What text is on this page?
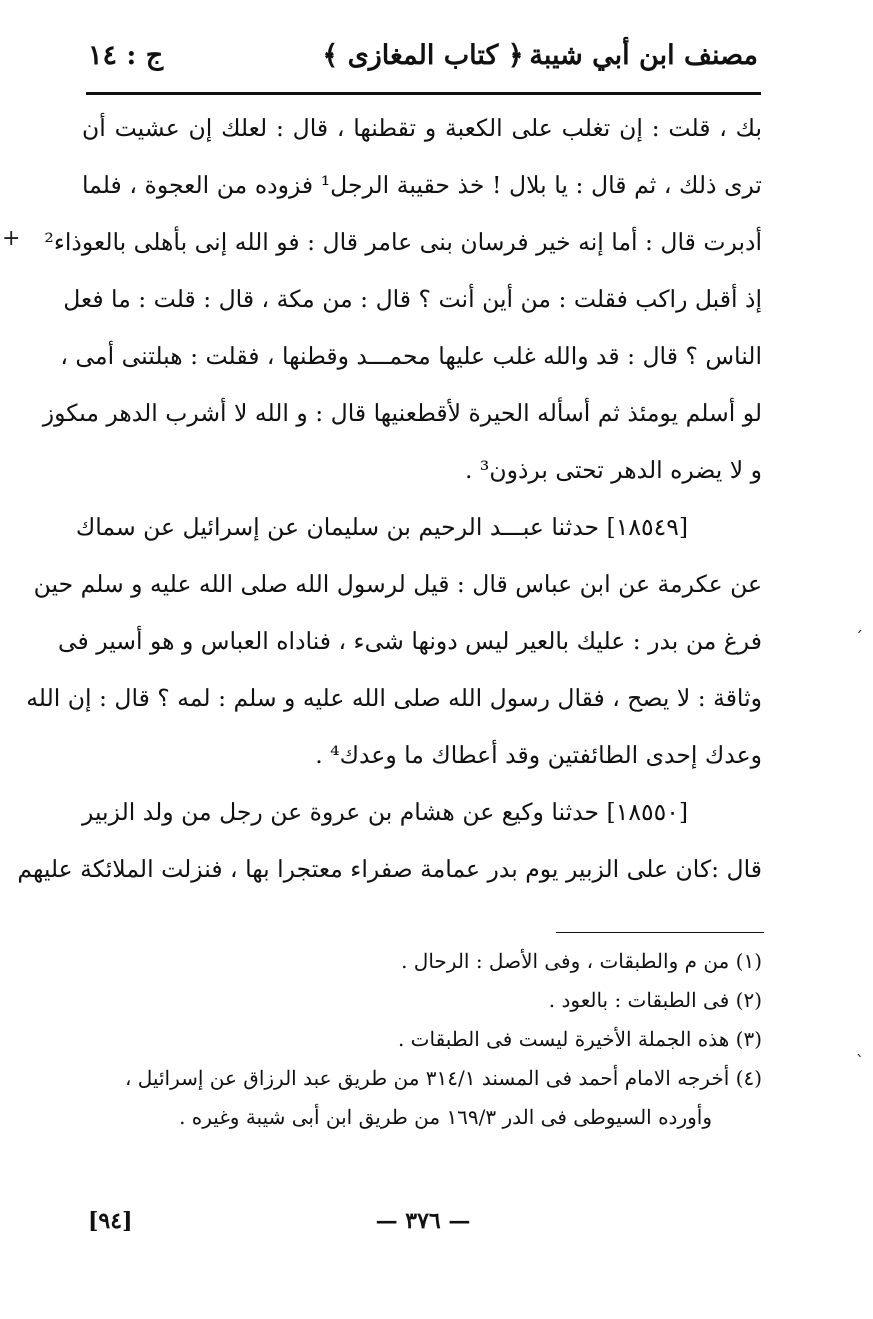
مصنف ابن أبي شيبة
﴿ كتاب المغازى ﴾
ج : ١٤
بك ، قلت : إن تغلب على الكعبة و تقطنها ، قال : لعلك إن عشيت أن
ترى ذلك ، ثم قال : يا بلال ! خذ حقيبة الرجل¹ فزوده من العجوة ، فلما
أدبرت قال : أما إنه خير فرسان بنى عامر قال : فو الله إنى بأهلى بالعوذاء²
إذ أقبل راكب فقلت : من أين أنت ؟ قال : من مكة ، قال : قلت : ما فعل
الناس ؟ قال : قد والله غلب عليها محمـــد وقطنها ، فقلت : هبلتنى أمى ،
لو أسلم يومئذ ثم أسأله الحيرة لأقطعنيها قال : و الله لا أشرب الدهر مىكوز
و لا يضره الدهر تحتى برذون³ .
[١٨٥٤٩] حدثنا عبـــد الرحيم بن سليمان عن إسرائيل عن سماك
عن عكرمة عن ابن عباس قال : قيل لرسول الله صلى الله عليه و سلم حين
فرغ من بدر : عليك بالعير ليس دونها شىء ، فناداه العباس و هو أسير فى
وثاقة : لا يصح ، فقال رسول الله صلى الله عليه و سلم : لمه ؟ قال : إن الله
وعدك إحدى الطائفتين وقد أعطاك ما وعدك⁴ .
[١٨٥٥٠] حدثنا وكيع عن هشام بن عروة عن رجل من ولد الزبير
قال :كان على الزبير يوم بدر عمامة صفراء معتجرا بها ، فنزلت الملائكة عليهم
(١) من م والطبقات ، وفى الأصل : الرحال .
(٢) فى الطبقات : بالعود .
(٣) هذه الجملة الأخيرة ليست فى الطبقات .
(٤) أخرجه الامام أحمد فى المسند ٣١٤/١ من طريق عبد الرزاق عن إسرائيل ،
وأورده السيوطى فى الدر ١٦٩/٣ من طريق ابن أبى شيبة وغيره .
— ٣٧٦ —
[٩٤]
+
ˊ
ˋ
